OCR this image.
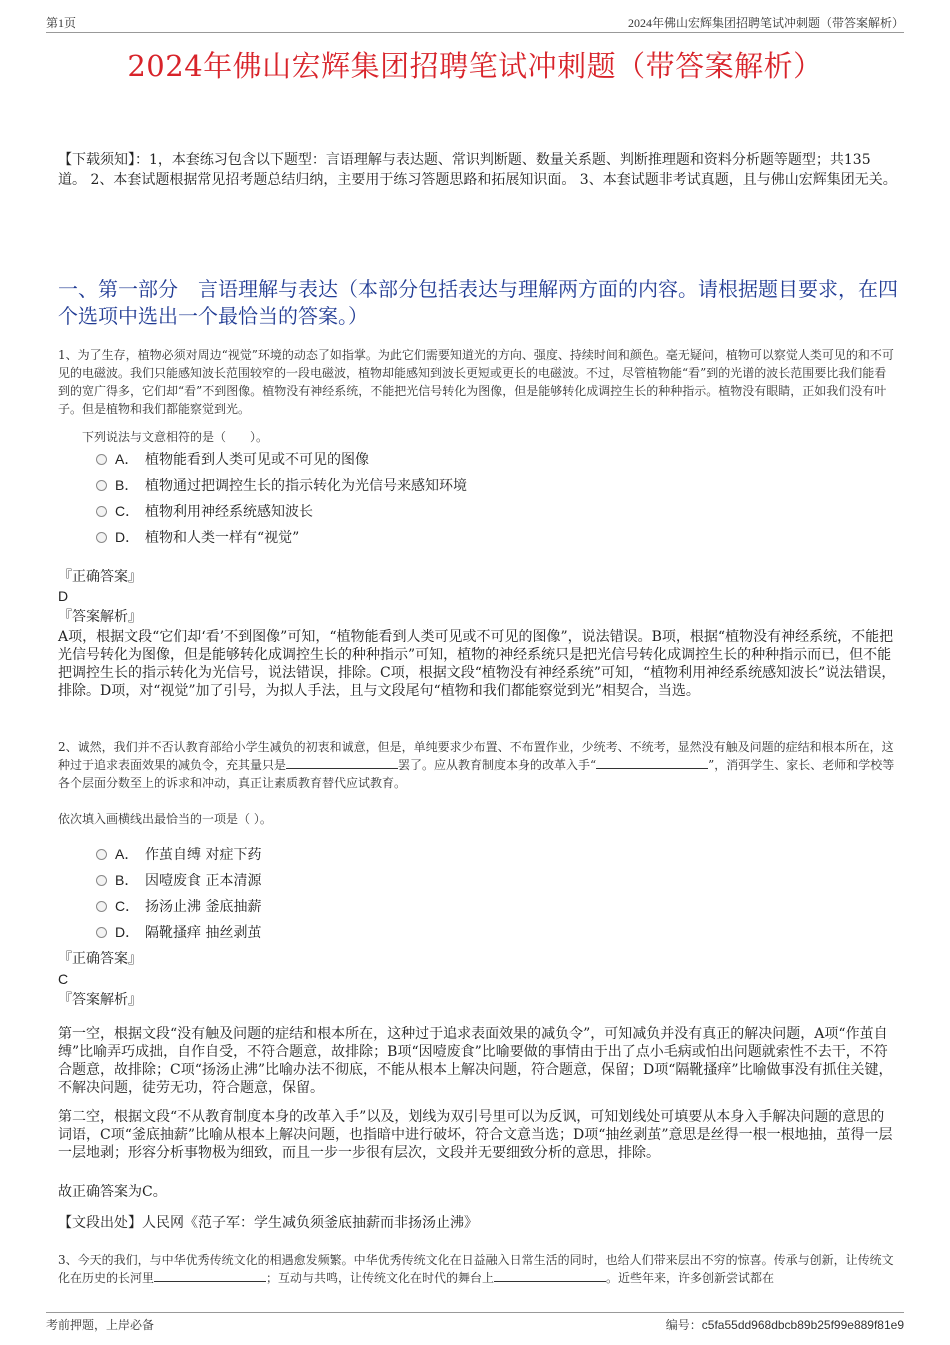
第1页	2024年佛山宏辉集团招聘笔试冲刺题（带答案解析）
2024年佛山宏辉集团招聘笔试冲刺题（带答案解析）
【下载须知】：1，本套练习包含以下题型：言语理解与表达题、常识判断题、数量关系题、判断推理题和资料分析题等题型；共135道。 2、本套试题根据常见招考题总结归纳，主要用于练习答题思路和拓展知识面。 3、本套试题非考试真题，且与佛山宏辉集团无关。
一、第一部分　言语理解与表达（本部分包括表达与理解两方面的内容。请根据题目要求，在四个选项中选出一个最恰当的答案。）
1、为了生存，植物必须对周边“视觉”环境的动态了如指掌。为此它们需要知道光的方向、强度、持续时间和颜色。毫无疑问，植物可以察觉人类可见的和不可见的电磁波。我们只能感知波长范围较窄的一段电磁波，植物却能感知到波长更短或更长的电磁波。不过，尽管植物能“看”到的光谱的波长范围要比我们能看到的宽广得多，它们却“看”不到图像。植物没有神经系统，不能把光信号转化为图像，但是能够转化成调控生长的种种指示。植物没有眼睛，正如我们没有叶子。但是植物和我们都能察觉到光。
下列说法与文意相符的是（　　）。
A． 植物能看到人类可见或不可见的图像
B． 植物通过把调控生长的指示转化为光信号来感知环境
C． 植物利用神经系统感知波长
D． 植物和人类一样有“视觉”
『正确答案』
D
『答案解析』
A项，根据文段“它们却‘看’不到图像”可知，“植物能看到人类可见或不可见的图像”，说法错误。B项，根据“植物没有神经系统，不能把光信号转化为图像，但是能够转化成调控生长的种种指示”可知，植物的神经系统只是把光信号转化成调控生长的种种指示而已，但不能把调控生长的指示转化为光信号，说法错误，排除。C项，根据文段“植物没有神经系统”可知，“植物利用神经系统感知波长”说法错误，排除。D项，对“视觉”加了引号，为拟人手法，且与文段尾句“植物和我们都能察觉到光”相契合，当选。
2、诚然，我们并不否认教育部给小学生减负的初衷和诚意，但是，单纯要求少布置、不布置作业，少统考、不统考，显然没有触及问题的症结和根本所在，这种过于追求表面效果的减负令，充其量只是	罢了。应从教育制度本身的改革入手“	”，消弭学生、家长、老师和学校等各个层面分数至上的诉求和冲动，真正让素质教育替代应试教育。
依次填入画横线出最恰当的一项是（ ）。
A． 作茧自缚 对症下药
B． 因噎废食 正本清源
C． 扬汤止沸 釜底抽薪
D． 隔靴搔痒 抽丝剥茧
『正确答案』
C
『答案解析』
第一空，根据文段“没有触及问题的症结和根本所在，这种过于追求表面效果的减负令”，可知减负并没有真正的解决问题，A项“作茧自缚”比喻弄巧成拙，自作自受，不符合题意，故排除；B项“因噎废食”比喻要做的事情由于出了点小毛病或怕出问题就索性不去干，不符合题意，故排除；C项“扬汤止沸”比喻办法不彻底，不能从根本上解决问题，符合题意，保留；D项“隔靴搔痒”比喻做事没有抓住关键，不解决问题，徒劳无功，符合题意，保留。
第二空，根据文段“不从教育制度本身的改革入手”以及，划线为双引号里可以为反讽，可知划线处可填要从本身入手解决问题的意思的词语，C项“釜底抽薪”比喻从根本上解决问题，也指暗中进行破坏，符合文意当选；D项“抽丝剥茧”意思是丝得一根一根地抽，茧得一层一层地剥；形容分析事物极为细致，而且一步一步很有层次，文段并无要细致分析的意思，排除。
故正确答案为C。
【文段出处】人民网《范子军：学生减负须釜底抽薪而非扬汤止沸》
3、今天的我们，与中华优秀传统文化的相遇愈发频繁。中华优秀传统文化在日益融入日常生活的同时，也给人们带来层出不穷的惊喜。传承与创新，让传统文化在历史的长河里	；互动与共鸣，让传统文化在时代的舞台上	。近些年来，许多创新尝试都在
考前押题，上岸必备	编号：c5fa55dd968dbcb89b25f99e889f81e9
